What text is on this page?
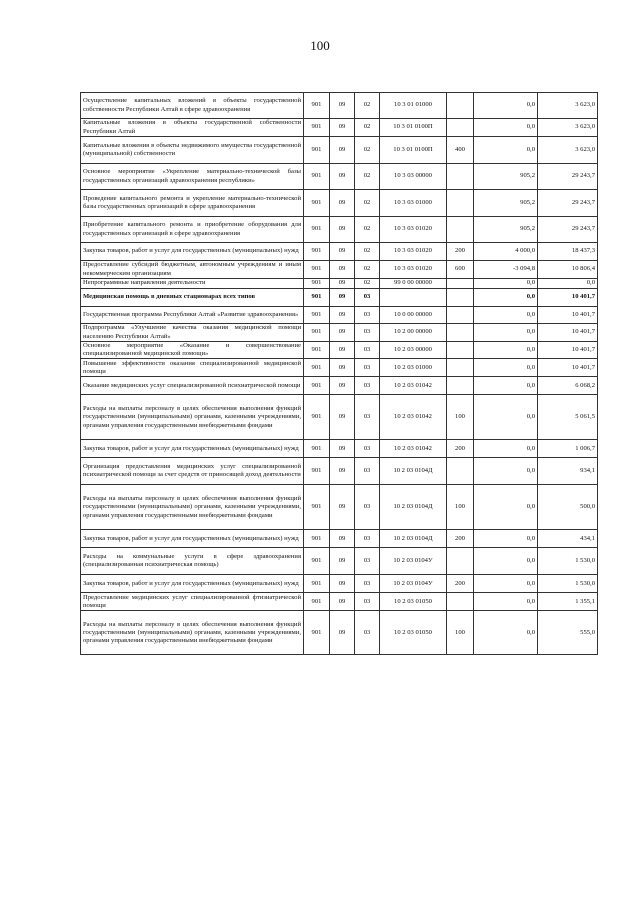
100
Осуществление капитальных вложений в объекты государственной собственности Республики Алтай в сфере здравоохранения	901	09	02	10 3 01 01000		0,0	3 623,0
Капитальные вложения в объекты государственной собственности Республики Алтай	901	09	02	10 3 01 0100П		0,0	3 623,0
Капитальные вложения в объекты недвижимого имущества государственной (муниципальной) собственности	901	09	02	10 3 01 0100П	400	0,0	3 623,0
Основное мероприятие «Укрепление материально-технической базы государственных организаций здравоохранения республики»	901	09	02	10 3 03 00000		905,2	29 243,7
Проведение капитального ремонта и укрепление материально-технической базы государственных организаций в сфере здравоохранения	901	09	02	10 3 03 01000		905,2	29 243,7
Приобретение капитального ремонта и приобретение оборудования для государственных организаций в сфере здравоохранения	901	09	02	10 3 03 01020		905,2	29 243,7
Закупка товаров, работ и услуг для государственных (муниципальных) нужд	901	09	02	10 3 03 01020	200	4 000,0	18 437,3
Предоставление субсидий бюджетным, автономным учреждениям и иным некоммерческим организациям	901	09	02	10 3 03 01020	600	-3 094,8	10 806,4
Непрограммные направления деятельности	901	09	02	99 0 00 00000		0,0	0,0
Медицинская помощь в дневных стационарах всех типов	901	09	03			0,0	10 401,7
Государственная программа Республики Алтай «Развитие здравоохранения»	901	09	03	10 0 00 00000		0,0	10 401,7
Подпрограмма «Улучшение качества оказания медицинской помощи населению Республики Алтай»	901	09	03	10 2 00 00000		0,0	10 401,7
Основное мероприятие «Оказание и совершенствование специализированной медицинской помощи»	901	09	03	10 2 03 00000		0,0	10 401,7
Повышение эффективности оказания специализированной медицинской помощи	901	09	03	10 2 03 01000		0,0	10 401,7
Оказание медицинских услуг специализированной психиатрической помощи	901	09	03	10 2 03 01042		0,0	6 068,2
Расходы на выплаты персоналу в целях обеспечения выполнения функций государственными (муниципальными) органами, казенными учреждениями, органами управления государственными внебюджетными фондами	901	09	03	10 2 03 01042	100	0,0	5 061,5
Закупка товаров, работ и услуг для государственных (муниципальных) нужд	901	09	03	10 2 03 01042	200	0,0	1 006,7
Организация предоставления медицинских услуг специализированной психиатрической помощи за счет средств от приносящей доход деятельности	901	09	03	10 2 03 0104Д		0,0	934,1
Расходы на выплаты персоналу в целях обеспечения выполнения функций государственными (муниципальными) органами, казенными учреждениями, органами управления государственными внебюджетными фондами	901	09	03	10 2 03 0104Д	100	0,0	500,0
Закупка товаров, работ и услуг для государственных (муниципальных) нужд	901	09	03	10 2 03 0104Д	200	0,0	434,1
Расходы на коммунальные услуги в сфере здравоохранения (специализированная психиатрическая помощь)	901	09	03	10 2 03 0104У		0,0	1 530,0
Закупка товаров, работ и услуг для государственных (муниципальных) нужд	901	09	03	10 2 03 0104У	200	0,0	1 530,0
Предоставление медицинских услуг специализированной фтизиатрической помощи	901	09	03	10 2 03 01050		0,0	1 355,1
Расходы на выплаты персоналу в целях обеспечения выполнения функций государственными (муниципальными) органами, казенными учреждениями, органами управления государственными внебюджетными фондами	901	09	03	10 2 03 01050	100	0,0	555,0
